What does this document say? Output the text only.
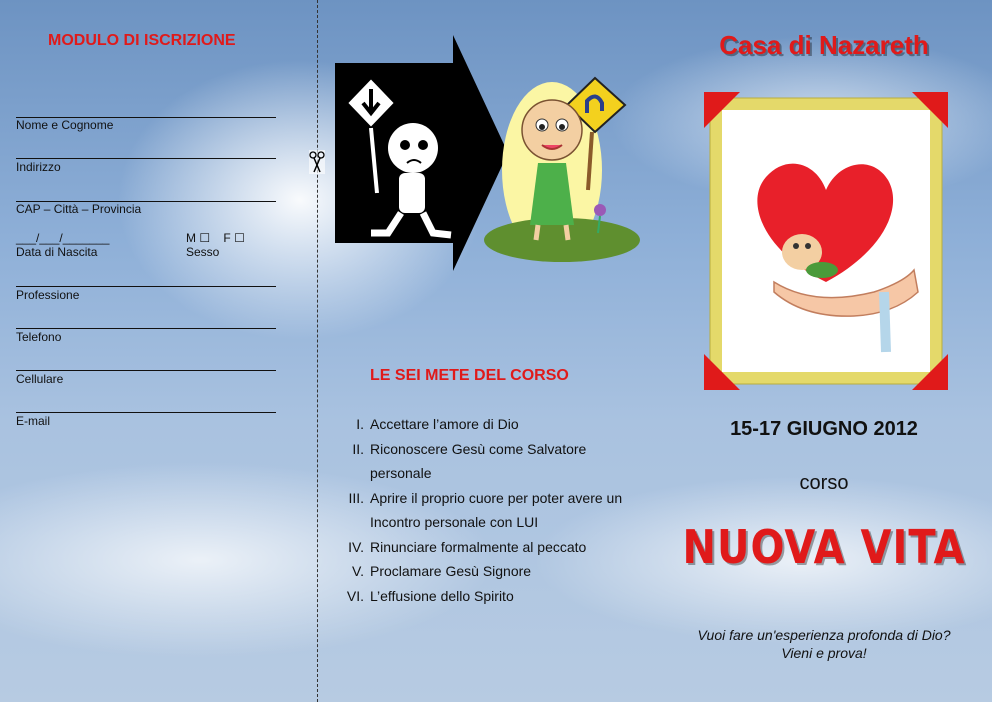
MODULO DI ISCRIZIONE
Nome e Cognome
Indirizzo
CAP – Città – Provincia
___/___/_______
Data di Nascita
M ☐    F ☐
Sesso
Professione
Telefono
Cellulare
E-mail
LE SEI METE DEL CORSO
I. Accettare l’amore di Dio
II. Riconoscere Gesù come Salvatore personale
III. Aprire il proprio cuore per poter avere un Incontro personale con LUI
IV. Rinunciare formalmente al peccato
V. Proclamare Gesù Signore
VI. L’effusione dello Spirito
Casa di Nazareth
15-17 GIUGNO 2012
corso
NUOVA VITA
Vuoi fare un'esperienza profonda di Dio?
Vieni e prova!
